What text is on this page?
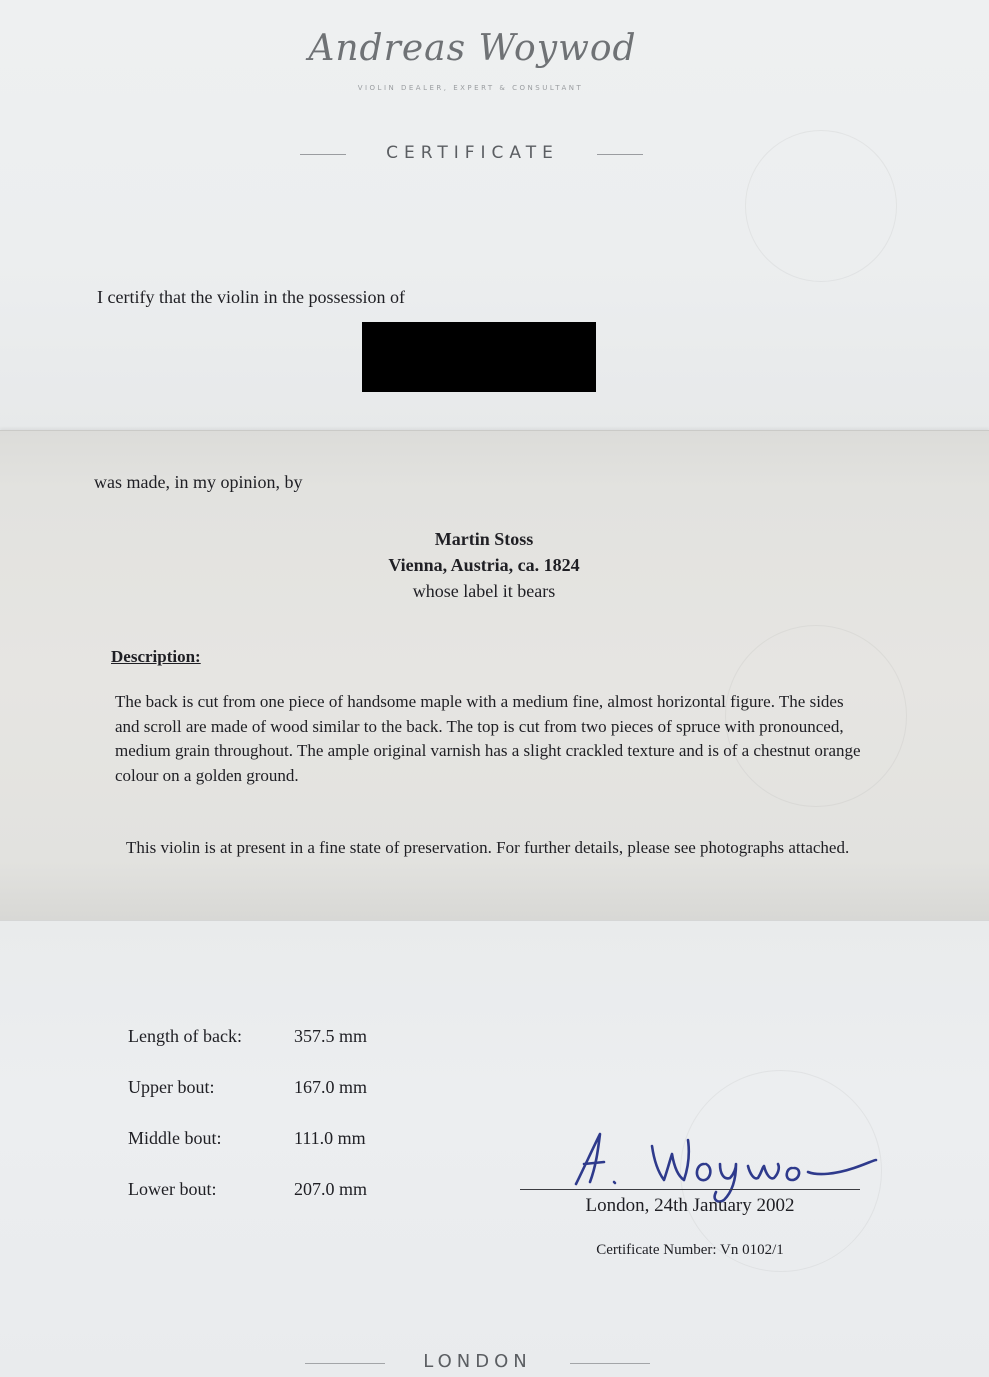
Andreas Woywod
VIOLIN DEALER, EXPERT & CONSULTANT
CERTIFICATE
I certify that the violin in the possession of
was made, in my opinion, by
Martin Stoss
Vienna, Austria, ca. 1824
whose label it bears
Description:
The back is cut from one piece of handsome maple with a medium fine, almost horizontal figure. The sides and scroll are made of wood similar to the back. The top is cut from two pieces of spruce with pronounced, medium grain throughout. The ample original varnish has a slight crackled texture and is of a chestnut orange colour on a golden ground.
This violin is at present in a fine state of preservation. For further details, please see photographs attached.
Length of back:	357.5 mm
Upper bout:	167.0 mm
Middle bout:	111.0 mm
Lower bout:	207.0 mm
London, 24th January 2002
Certificate Number: Vn 0102/1
LONDON
